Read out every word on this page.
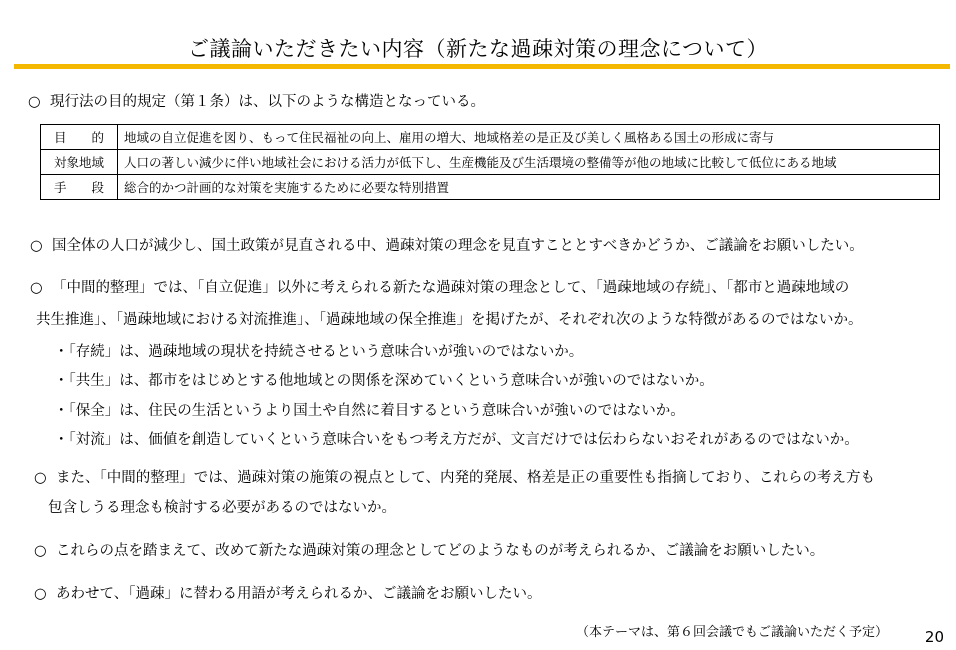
ご議論いただきたい内容（新たな過疎対策の理念について）
○ 現行法の目的規定（第１条）は、以下のような構造となっている。
目　　的	地域の自立促進を図り、もって住民福祉の向上、雇用の増大、地域格差の是正及び美しく風格ある国土の形成に寄与
対象地域	人口の著しい減少に伴い地域社会における活力が低下し、生産機能及び生活環境の整備等が他の地域に比較して低位にある地域
手　　段	総合的かつ計画的な対策を実施するために必要な特別措置
○ 国全体の人口が減少し、国土政策が見直される中、過疎対策の理念を見直すこととすべきかどうか、ご議論をお願いしたい。
○ 「中間的整理」では、「自立促進」以外に考えられる新たな過疎対策の理念として、「過疎地域の存続」、「都市と過疎地域の
共生推進」、「過疎地域における対流推進」、「過疎地域の保全推進」を掲げたが、それぞれ次のような特徴があるのではないか。
・「存続」は、過疎地域の現状を持続させるという意味合いが強いのではないか。
・「共生」は、都市をはじめとする他地域との関係を深めていくという意味合いが強いのではないか。
・「保全」は、住民の生活というより国土や自然に着目するという意味合いが強いのではないか。
・「対流」は、価値を創造していくという意味合いをもつ考え方だが、文言だけでは伝わらないおそれがあるのではないか。
○ また、「中間的整理」では、過疎対策の施策の視点として、内発的発展、格差是正の重要性も指摘しており、これらの考え方も
包含しうる理念も検討する必要があるのではないか。
○ これらの点を踏まえて、改めて新たな過疎対策の理念としてどのようなものが考えられるか、ご議論をお願いしたい。
○ あわせて、「過疎」に替わる用語が考えられるか、ご議論をお願いしたい。
（本テーマは、第６回会議でもご議論いただく予定） 20
